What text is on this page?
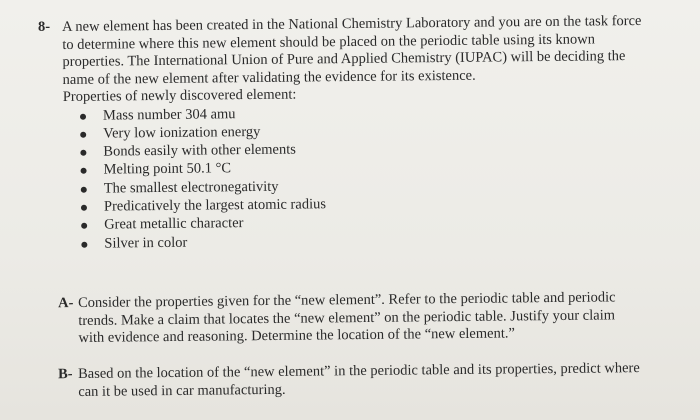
8- A new element has been created in the National Chemistry Laboratory and you are on the task force to determine where this new element should be placed on the periodic table using its known properties. The International Union of Pure and Applied Chemistry (IUPAC) will be deciding the name of the new element after validating the evidence for its existence.

Properties of newly discovered element:

Mass number 304 amu
Very low ionization energy
Bonds easily with other elements
Melting point 50.1 °C
The smallest electronegativity
Predicatively the largest atomic radius
Great metallic character
Silver in color
A- Consider the properties given for the “new element”. Refer to the periodic table and periodic trends. Make a claim that locates the “new element” on the periodic table. Justify your claim with evidence and reasoning. Determine the location of the “new element.”
B- Based on the location of the “new element” in the periodic table and its properties, predict where can it be used in car manufacturing.
